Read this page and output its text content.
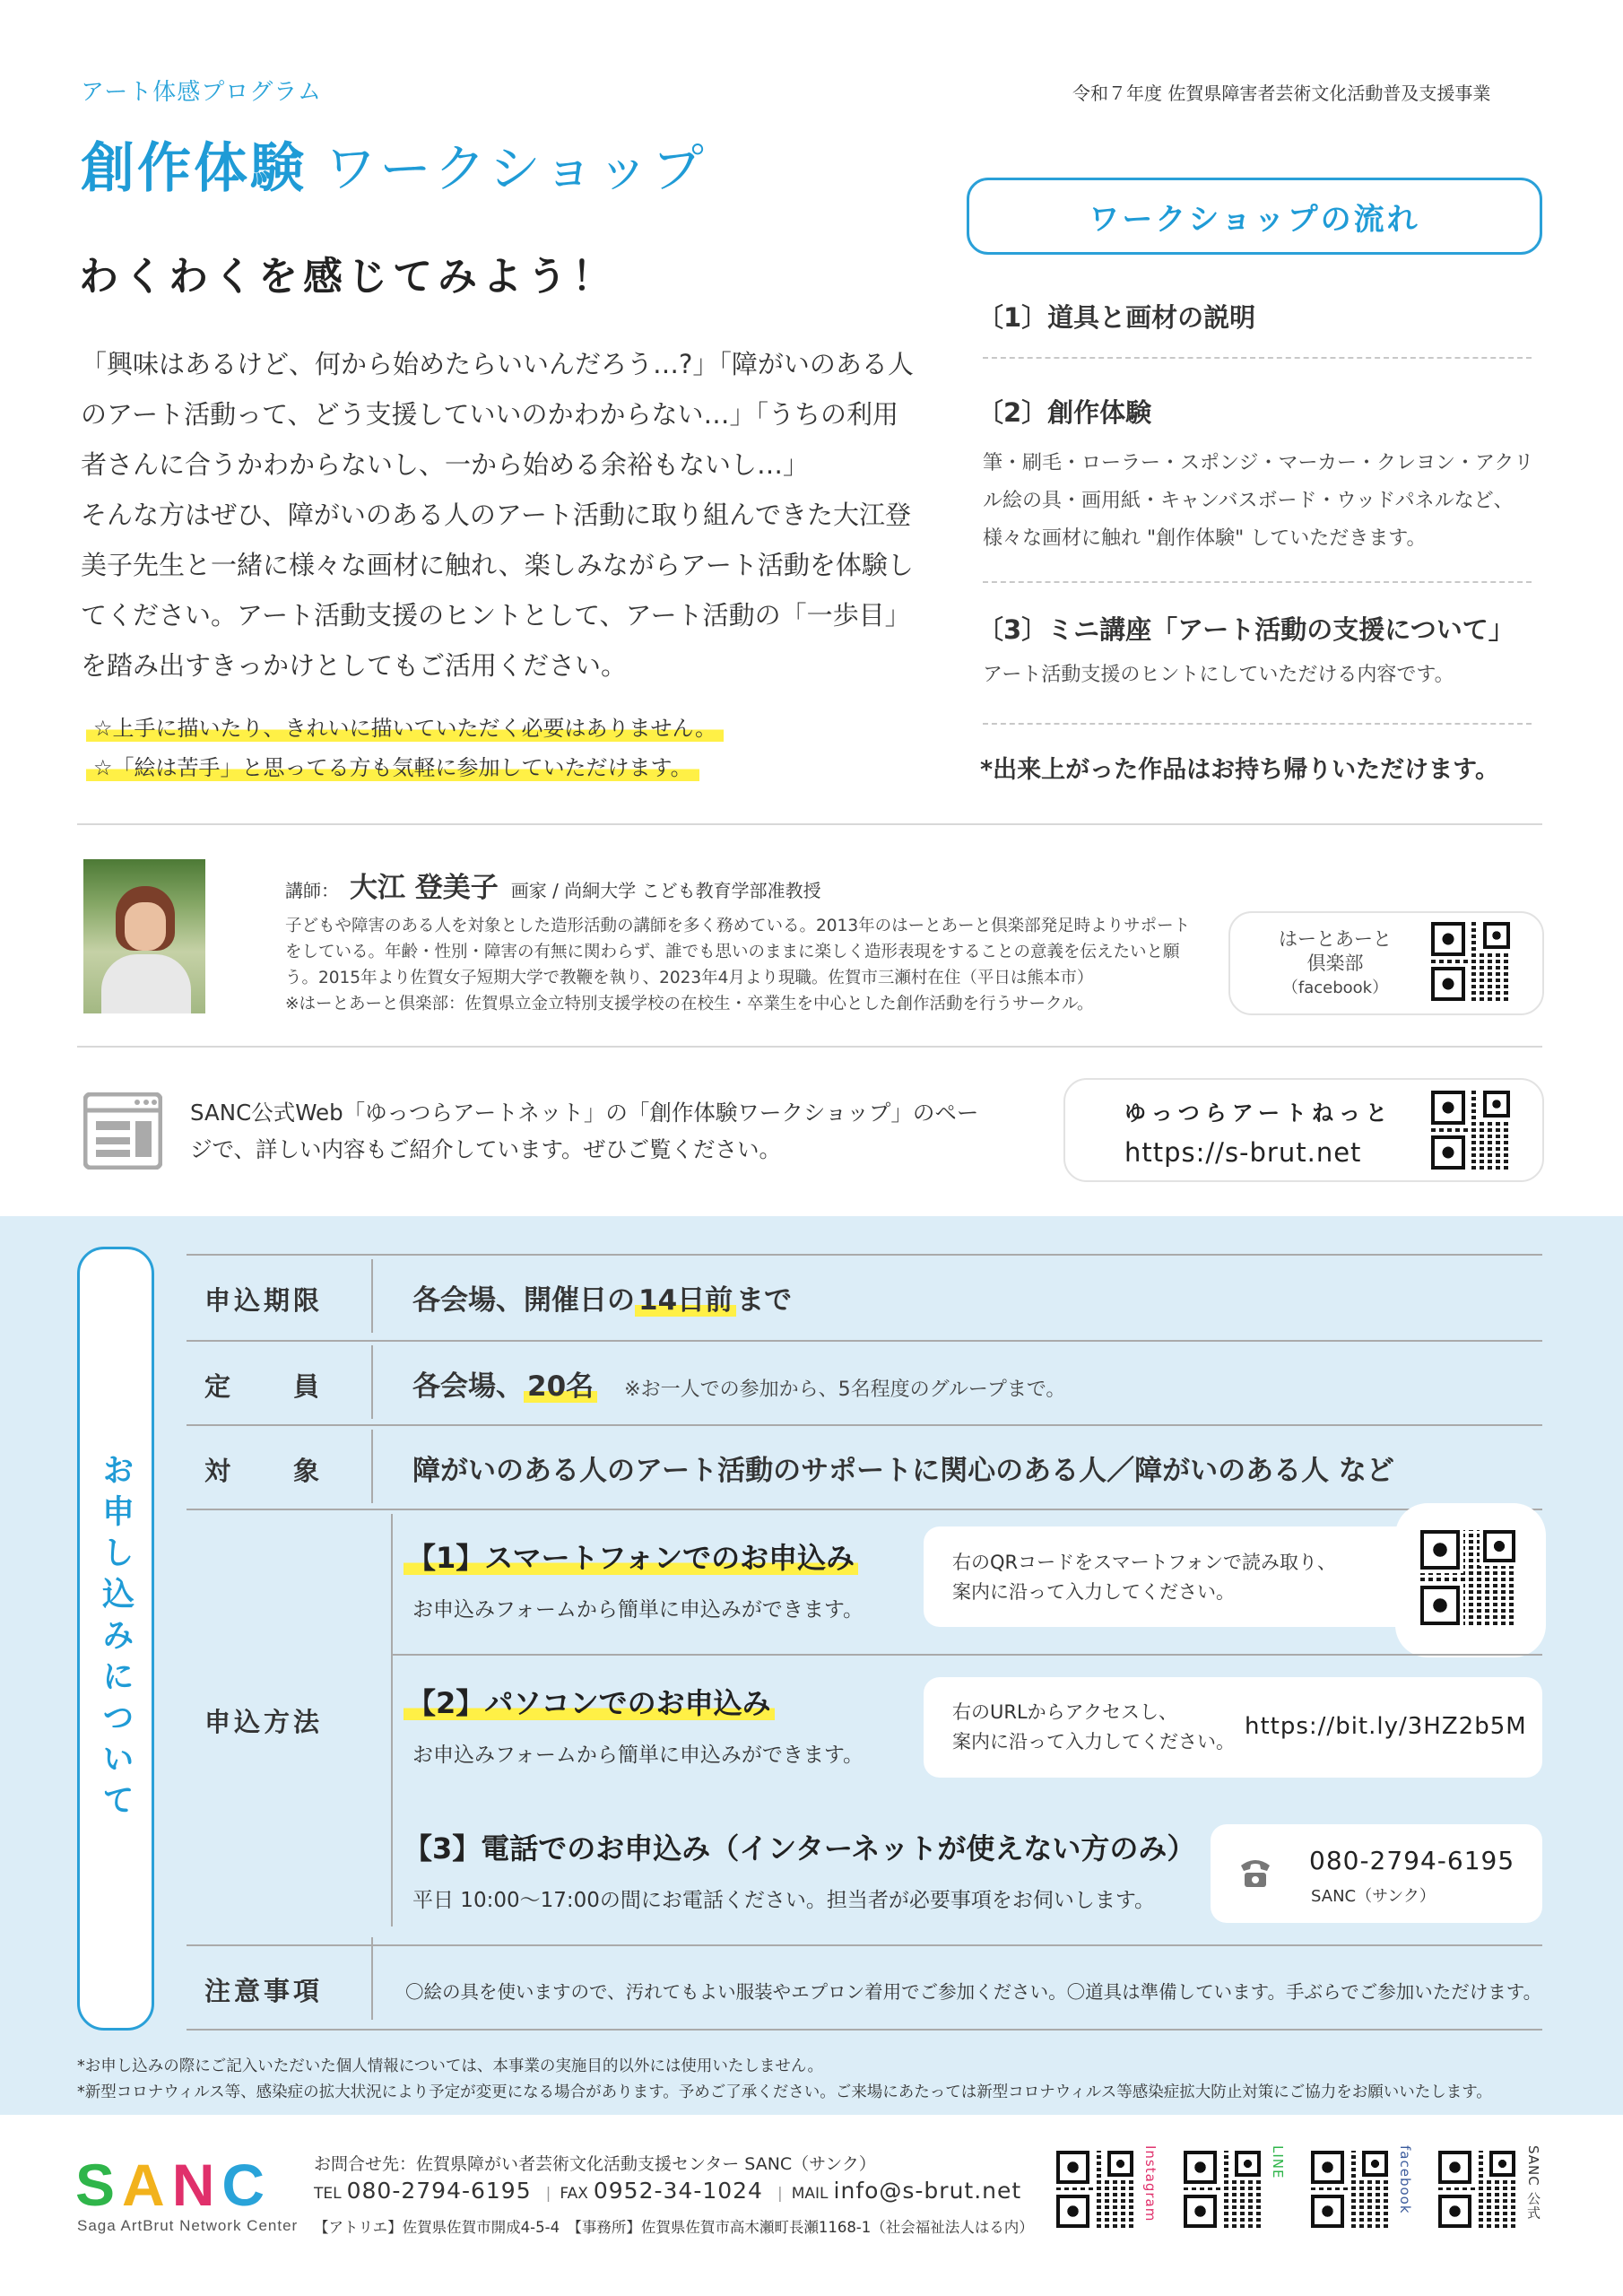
アート体感プログラム
創作体験 ワークショップ
令和７年度 佐賀県障害者芸術文化活動普及支援事業
わくわくを感じてみよう！

「興味はあるけど、何から始めたらいいんだろう…?」「障がいのある人のアート活動って、どう支援していいのかわからない…」「うちの利用者さんに合うかわからないし、一から始める余裕もないし…」

そんな方はぜひ、障がいのある人のアート活動に取り組んできた大江登美子先生と一緒に様々な画材に触れ、楽しみながらアート活動を体験してください。アート活動支援のヒントとして、アート活動の「一歩目」を踏み出すきっかけとしてもご活用ください。

☆上手に描いたり、きれいに描いていただく必要はありません。
☆「絵は苦手」と思ってる方も気軽に参加していただけます。
ワークショップの流れ
〔1〕道具と画材の説明
〔2〕創作体験
筆・刷毛・ローラー・スポンジ・マーカー・クレヨン・アクリル絵の具・画用紙・キャンバスボード・ウッドパネルなど、様々な画材に触れ "創作体験" していただきます。
〔3〕ミニ講座「アート活動の支援について」
アート活動支援のヒントにしていただける内容です。
*出来上がった作品はお持ち帰りいただけます。
講師： 大江 登美子 画家 / 尚絅大学 こども教育学部准教授
子どもや障害のある人を対象とした造形活動の講師を多く務めている。2013年のはーとあーと倶楽部発足時よりサポートをしている。年齢・性別・障害の有無に関わらず、誰でも思いのままに楽しく造形表現をすることの意義を伝えたいと願う。2015年より佐賀女子短期大学で教鞭を執り、2023年4月より現職。佐賀市三瀬村在住（平日は熊本市）
※はーとあーと倶楽部：佐賀県立金立特別支援学校の在校生・卒業生を中心とした創作活動を行うサークル。
はーとあーと
倶楽部
（facebook）
SANC公式Web「ゆっつらアートネット」の「創作体験ワークショップ」のページで、詳しい内容もご紹介しています。ぜひご覧ください。
ゆっつらアートねっと
https://s-brut.net
お申し込みについて
申込期限	各会場、開催日の 14日前 まで
定　　員	各会場、 20名 ※お一人での参加から、5名程度のグループまで。
対　　象	障がいのある人のアート活動のサポートに関心のある人／障がいのある人 など
申込方法
【1】スマートフォンでのお申込み
お申込みフォームから簡単に申込みができます。
右のQRコードをスマートフォンで読み取り、
案内に沿って入力してください。
【2】パソコンでのお申込み
お申込みフォームから簡単に申込みができます。
右のURLからアクセスし、
案内に沿って入力してください。
https://bit.ly/3HZ2b5M
【3】電話でのお申込み（インターネットが使えない方のみ）
平日 10:00〜17:00の間にお電話ください。担当者が必要事項をお伺いします。
080-2794-6195
SANC（サンク）
注意事項	〇絵の具を使いますので、汚れてもよい服装やエプロン着用でご参加ください。〇道具は準備しています。手ぶらでご参加いただけます。
*お申し込みの際にご記入いただいた個人情報については、本事業の実施目的以外には使用いたしません。
*新型コロナウィルス等、感染症の拡大状況により予定が変更になる場合があります。予めご了承ください。ご来場にあたっては新型コロナウィルス等感染症拡大防止対策にご協力をお願いいたします。
SANC
Saga ArtBrut Network Center
お問合せ先：佐賀県障がい者芸術文化活動支援センター SANC（サンク）
TEL 080-2794-6195 | FAX 0952-34-1024 | MAIL info@s-brut.net
【アトリエ】佐賀県佐賀市開成4-5-4　【事務所】佐賀県佐賀市高木瀬町長瀬1168-1（社会福祉法人はる内）
Instagram	LINE	facebook	SANC 公式
